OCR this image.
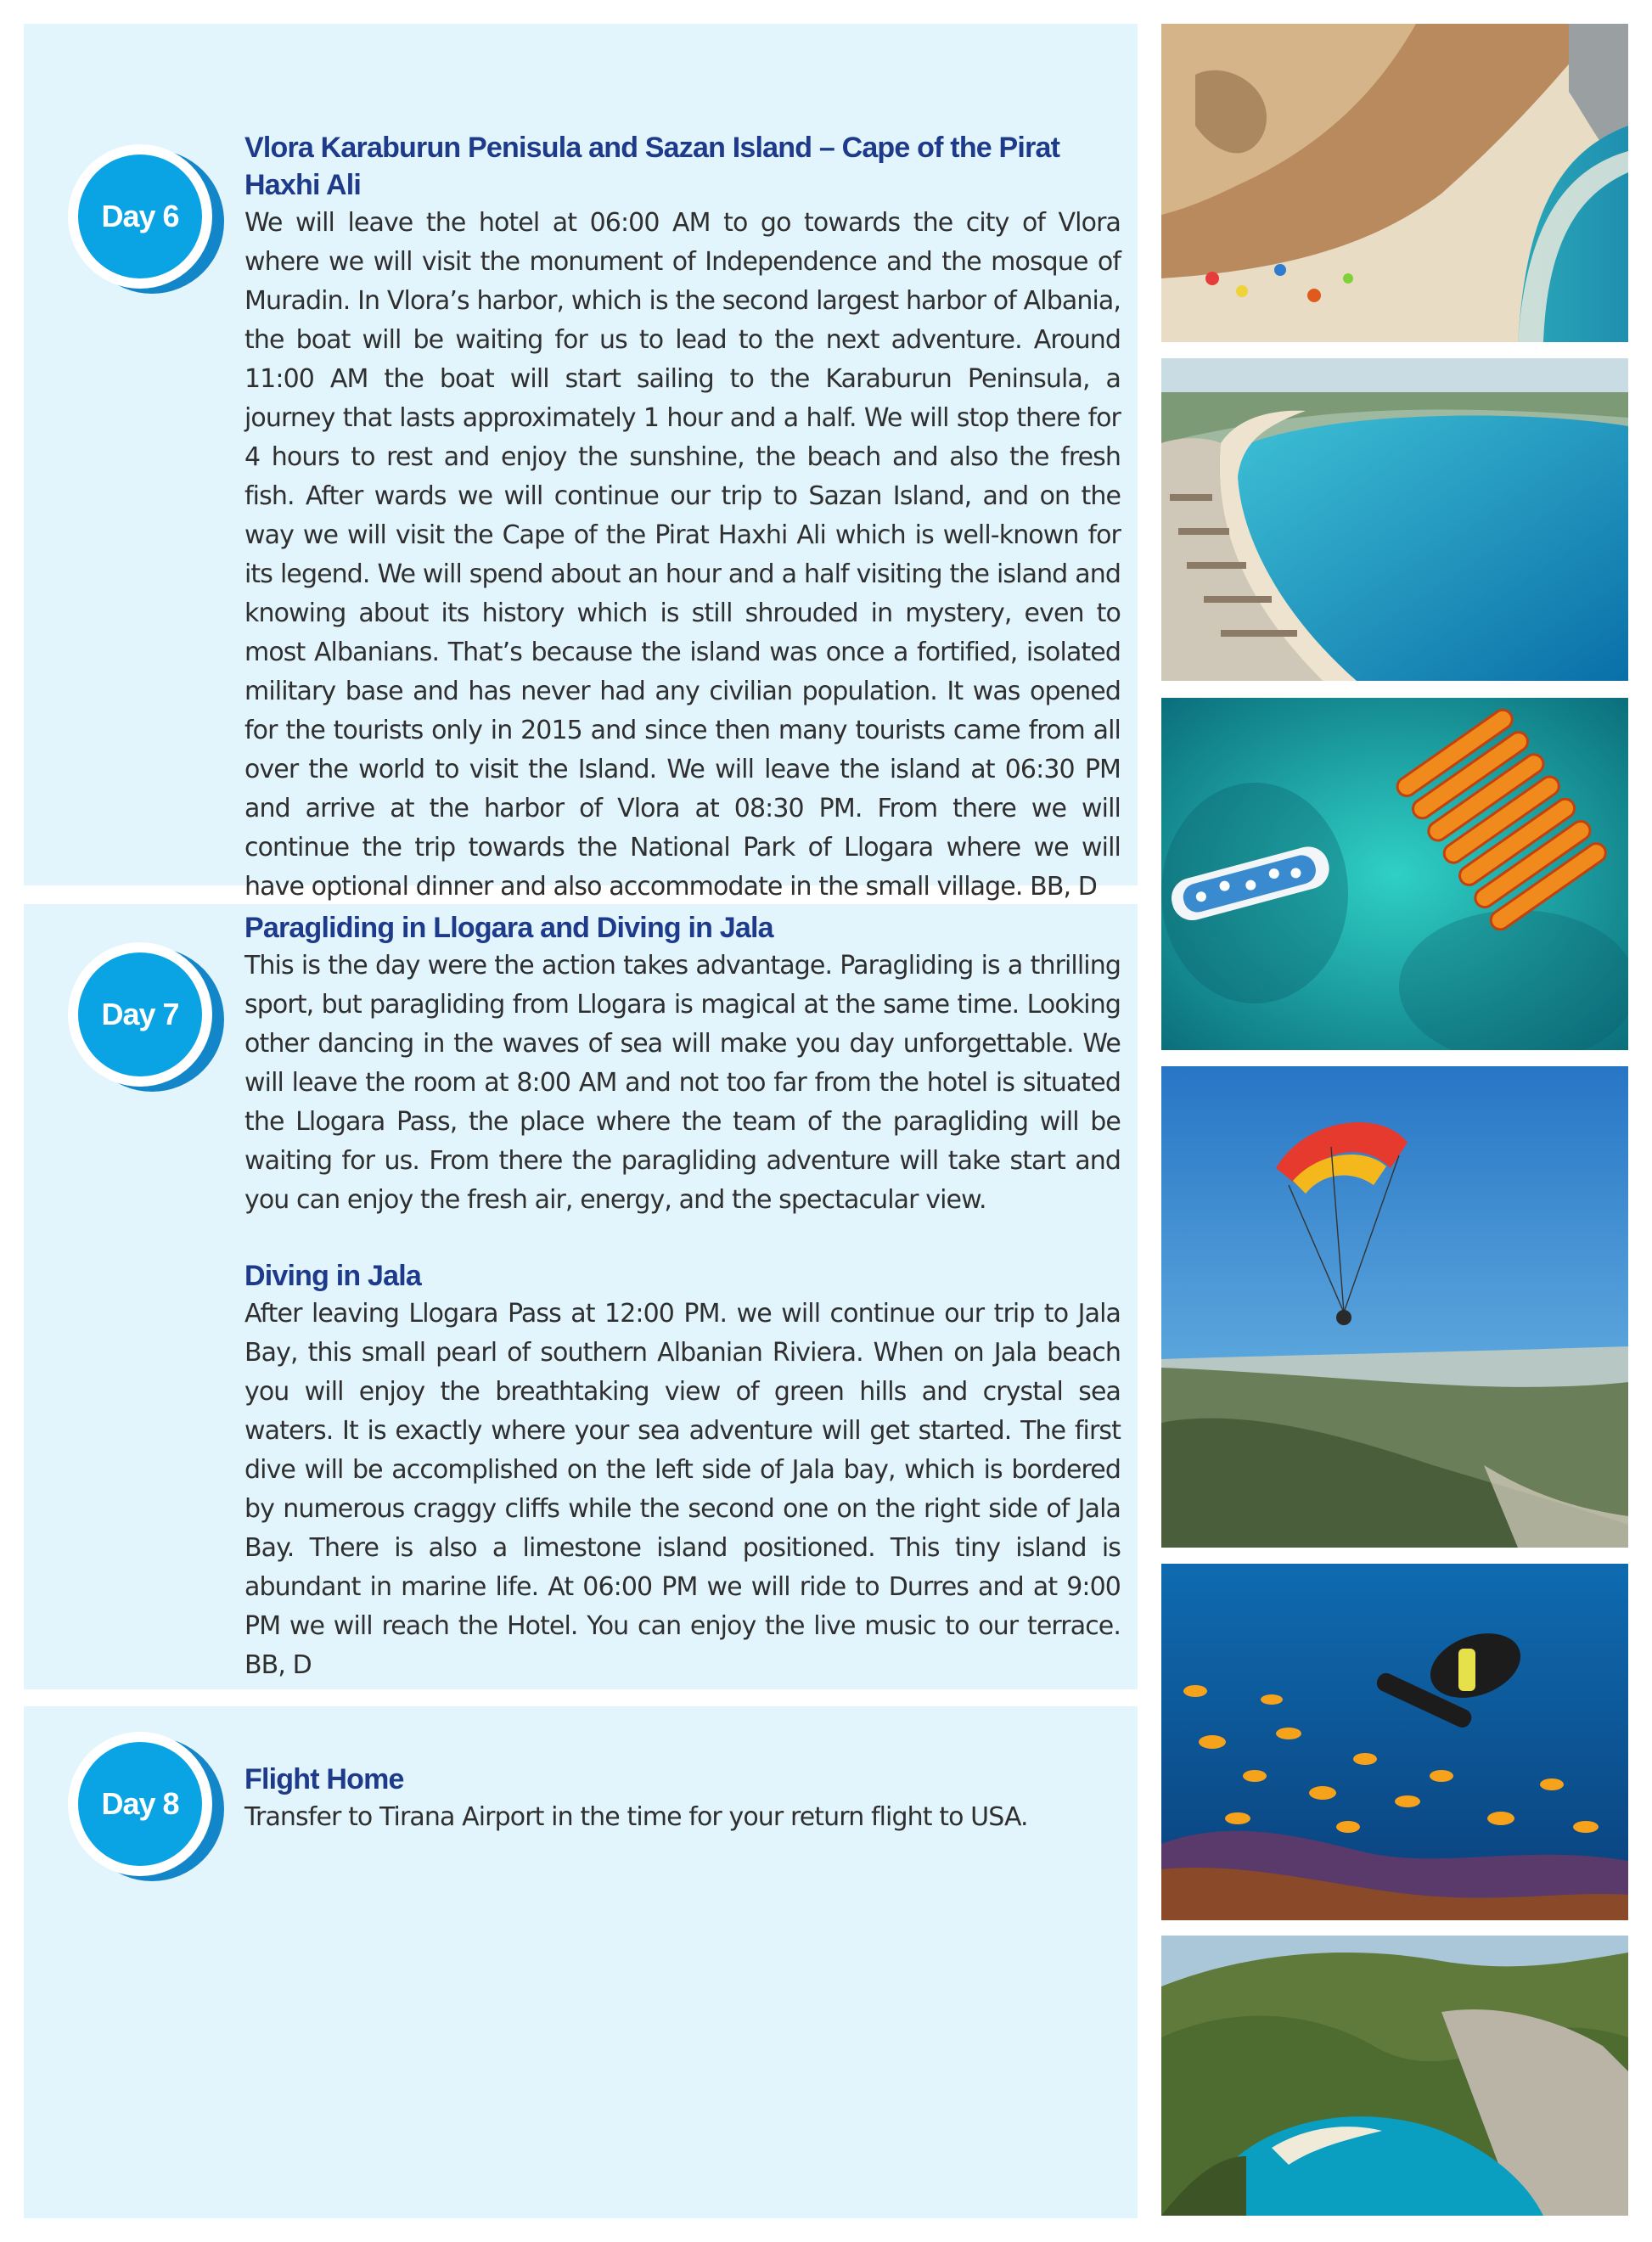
Day 6
Vlora Karaburun Penisula and Sazan Island – Cape of the Pirat Haxhi Ali

We will leave the hotel at 06:00 AM to go towards the city of Vlora where we will visit the monument of Independence and the mosque of Muradin. In Vlora’s harbor, which is the second largest harbor of Albania, the boat will be waiting for us to lead to the next adventure. Around 11:00 AM the boat will start sailing to the Karaburun Peninsula, a journey that lasts approximately 1 hour and a half. We will stop there for 4 hours to rest and enjoy the sunshine, the beach and also the fresh fish. After wards we will continue our trip to Sazan Island, and on the way we will visit the Cape of the Pirat Haxhi Ali which is well-known for its legend. We will spend about an hour and a half visiting the island and knowing about its history which is still shrouded in mystery, even to most Albanians. That’s because the island was once a fortified, isolated military base and has never had any civilian population. It was opened for the tourists only in 2015 and since then many tourists came from all over the world to visit the Island. We will leave the island at 06:30 PM and arrive at the harbor of Vlora at 08:30 PM. From there we will continue the trip towards the National Park of Llogara where we will have optional dinner and also accommodate in the small village. BB, D

Day 7
Paragliding in Llogara and Diving in Jala

This is the day were the action takes advantage. Paragliding is a thrilling sport, but paragliding from Llogara is magical at the same time. Looking other dancing in the waves of sea will make you day unforgettable. We will leave the room at 8:00 AM and not too far from the hotel is situated the Llogara Pass, the place where the team of the paragliding will be waiting for us. From there the paragliding adventure will take start and you can enjoy the fresh air, energy, and the spectacular view.

Diving in Jala

After leaving Llogara Pass at 12:00 PM. we will continue our trip to Jala Bay, this small pearl of southern Albanian Riviera. When on Jala beach you will enjoy the breathtaking view of green hills and crystal sea waters. It is exactly where your sea adventure will get started. The first dive will be accomplished on the left side of Jala bay, which is bordered by numerous craggy cliffs while the second one on the right side of Jala Bay. There is also a limestone island positioned. This tiny island is abundant in marine life. At 06:00 PM we will ride to Durres and at 9:00 PM we will reach the Hotel. You can enjoy the live music to our terrace. BB, D

Day 8
Flight Home

Transfer to Tirana Airport in the time for your return flight to USA.
